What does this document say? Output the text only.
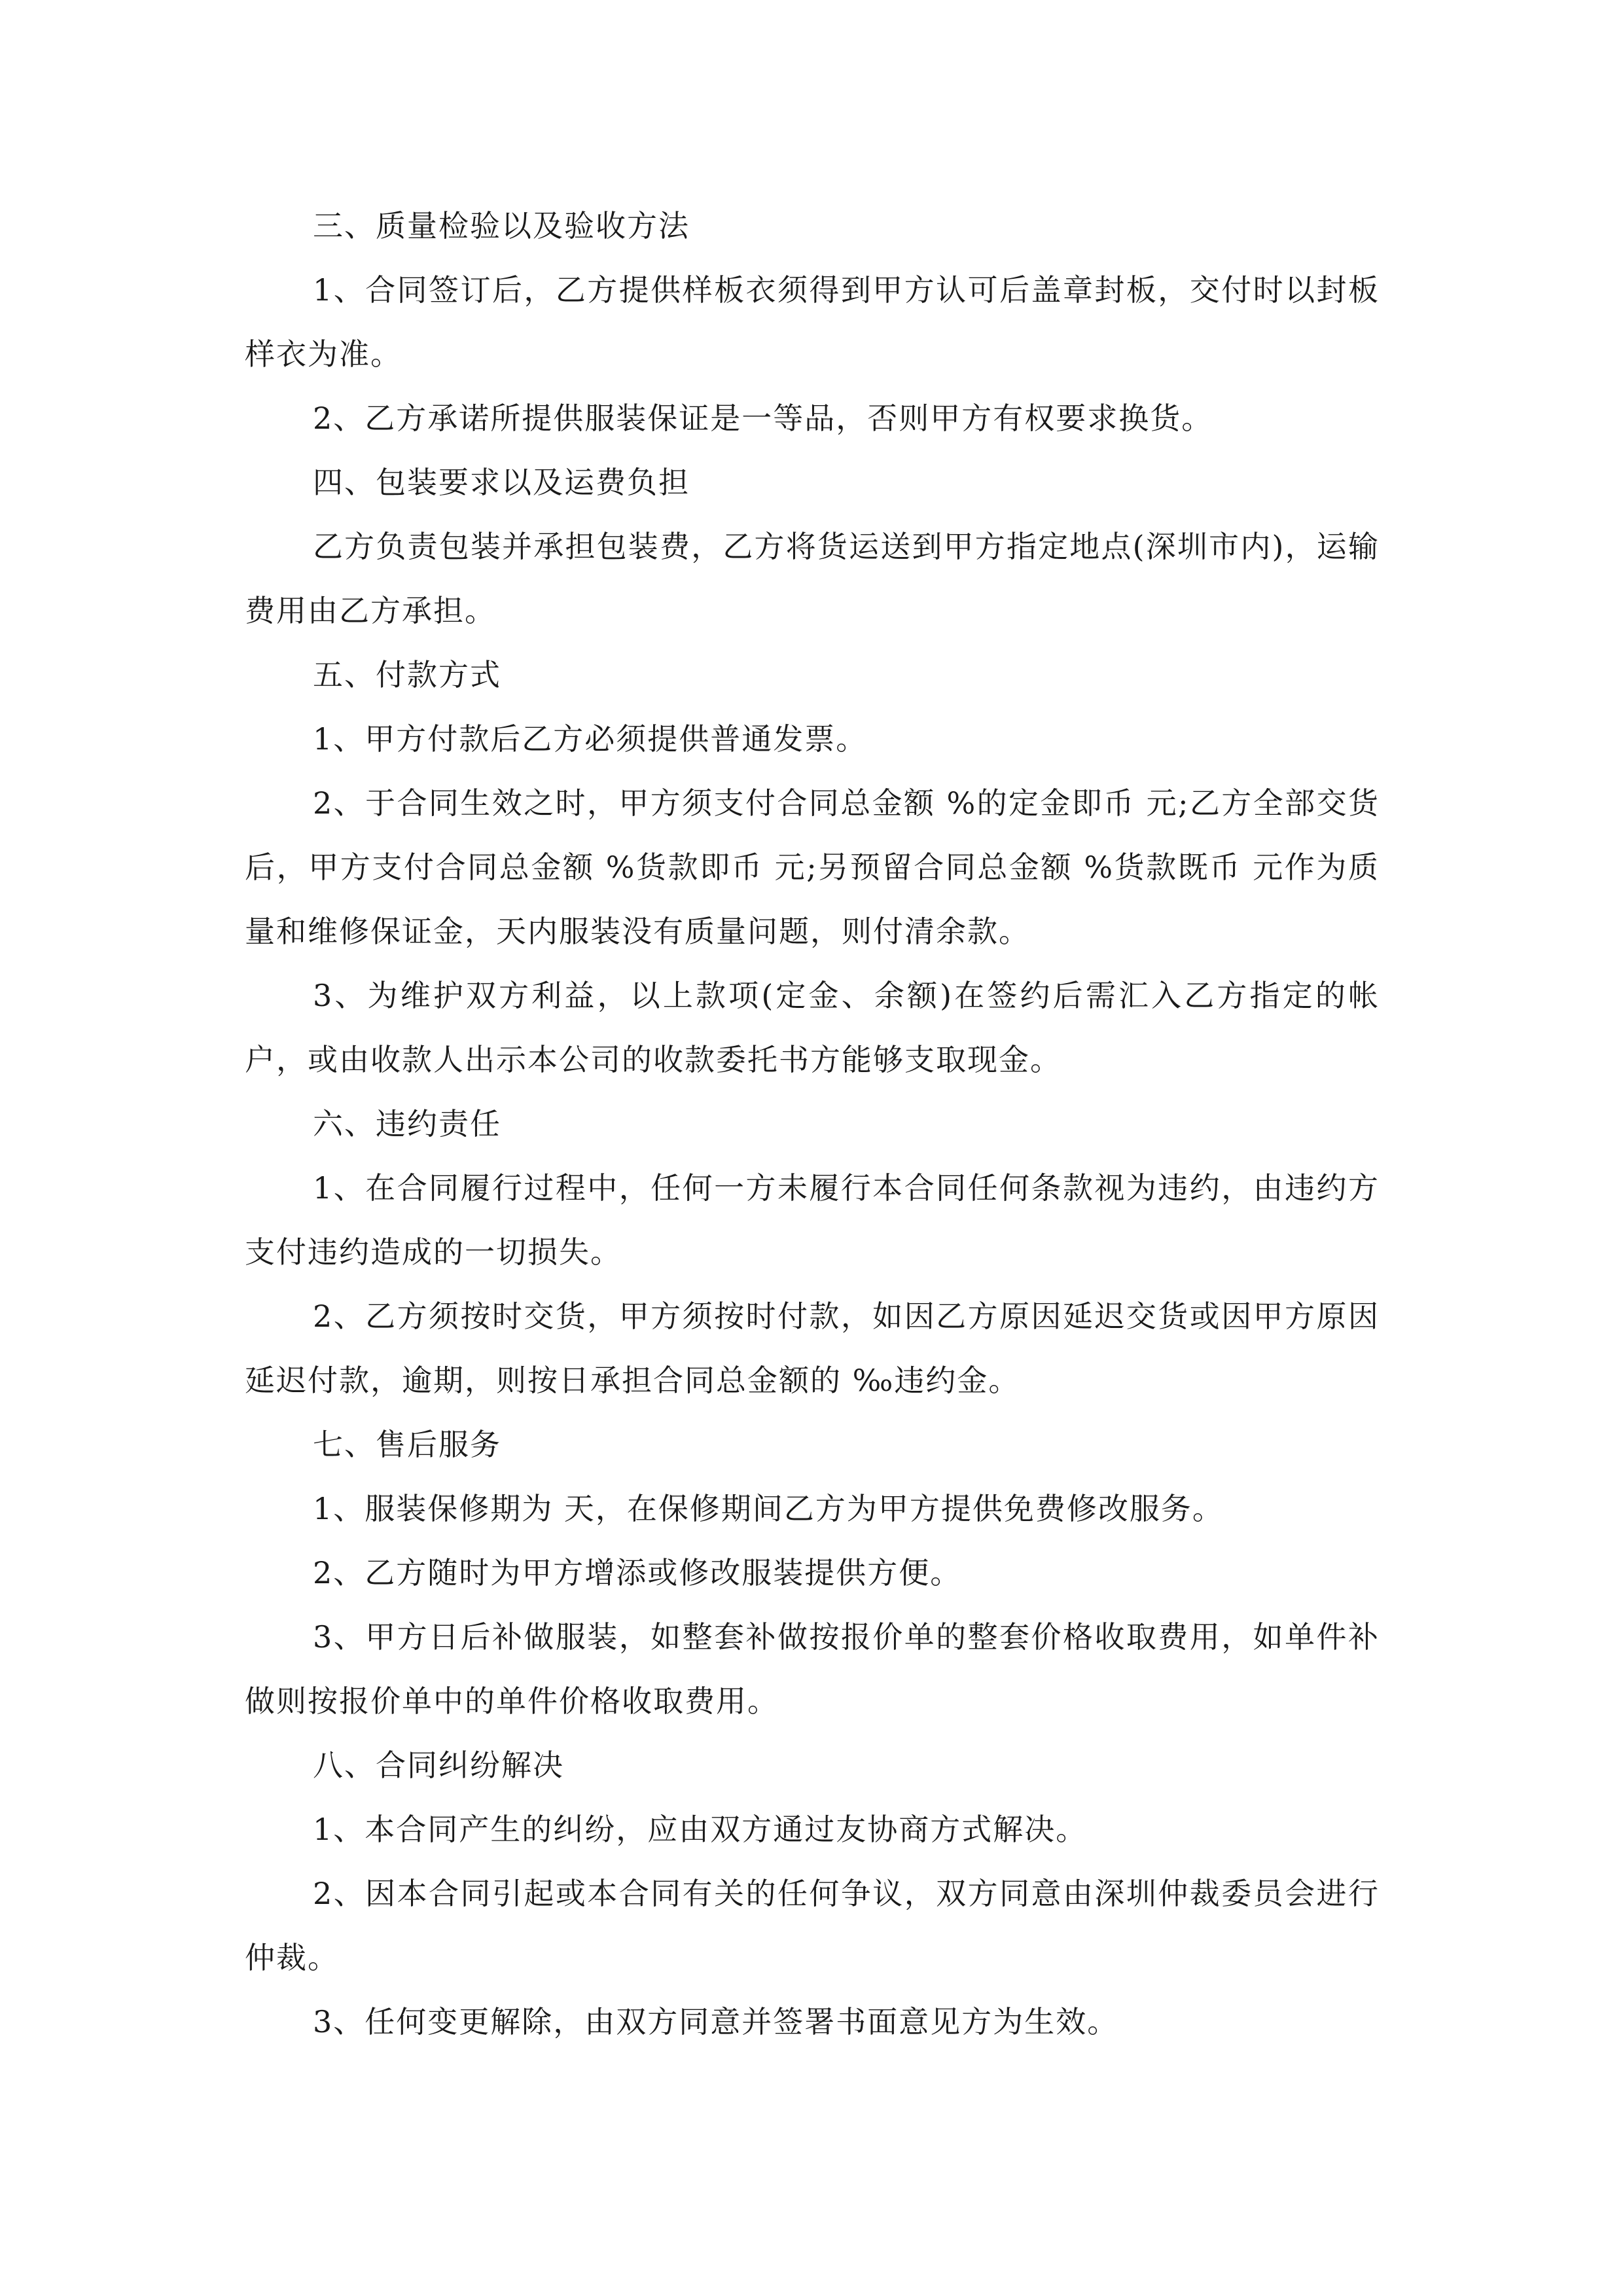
三、质量检验以及验收方法

1、合同签订后，乙方提供样板衣须得到甲方认可后盖章封板，交付时以封板样衣为准。

2、乙方承诺所提供服装保证是一等品，否则甲方有权要求换货。

四、包装要求以及运费负担

乙方负责包装并承担包装费，乙方将货运送到甲方指定地点(深圳市内)，运输费用由乙方承担。

五、付款方式

1、甲方付款后乙方必须提供普通发票。

2、于合同生效之时，甲方须支付合同总金额 %的定金即币 元;乙方全部交货后，甲方支付合同总金额 %货款即币 元;另预留合同总金额 %货款既币 元作为质量和维修保证金，天内服装没有质量问题，则付清余款。

3、为维护双方利益，以上款项(定金、余额)在签约后需汇入乙方指定的帐户，或由收款人出示本公司的收款委托书方能够支取现金。

六、违约责任

1、在合同履行过程中，任何一方未履行本合同任何条款视为违约，由违约方支付违约造成的一切损失。

2、乙方须按时交货，甲方须按时付款，如因乙方原因延迟交货或因甲方原因延迟付款，逾期，则按日承担合同总金额的 ‰违约金。

七、售后服务

1、服装保修期为 天，在保修期间乙方为甲方提供免费修改服务。

2、乙方随时为甲方增添或修改服装提供方便。

3、甲方日后补做服装，如整套补做按报价单的整套价格收取费用，如单件补做则按报价单中的单件价格收取费用。

八、合同纠纷解决

1、本合同产生的纠纷，应由双方通过友协商方式解决。

2、因本合同引起或本合同有关的任何争议，双方同意由深圳仲裁委员会进行仲裁。

3、任何变更解除，由双方同意并签署书面意见方为生效。
